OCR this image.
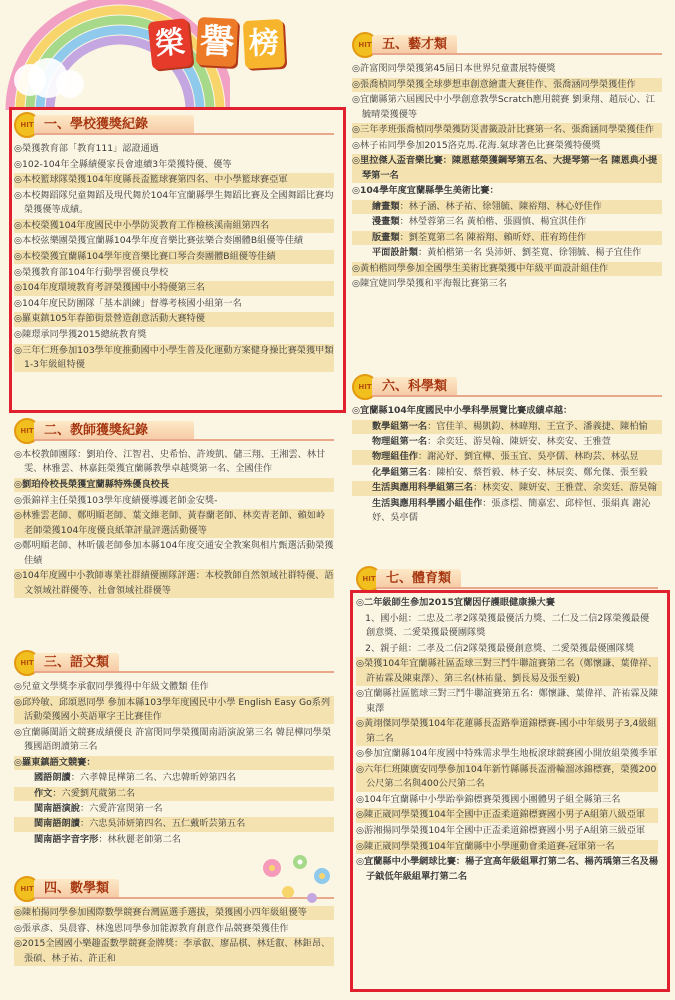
榮 譽 榜
HIT 一、學校獲獎紀錄
◎榮獲教育部「教育111」認證通過
◎102-104年全縣績優家長會連續3年榮獲特優、優等
◎本校籃球隊榮獲104年度縣長盃籃球賽第四名、中小學籃球賽亞軍
◎本校舞蹈隊兒童舞蹈及現代舞於104年宜蘭縣學生舞蹈比賽及全國舞蹈比賽均榮獲優等成績。
◎本校榮獲104年度國民中小學防災教育工作檢核溪南組第四名
◎本校弦樂團榮獲宜蘭縣104學年度音樂比賽弦樂合奏團體B組優等佳績
◎本校榮獲宜蘭縣104學年度音樂比賽口琴合奏團體B組優等佳績
◎榮獲教育部104年行動學習優良學校
◎104年度環境教育考評榮獲國中小特優第三名
◎104年度民防團隊「基本訓練」督導考核國小組第一名
◎羅東鎮105年春節街景營造創意活動大賽特優
◎陳璟承同學獲2015總統教育獎
◎三年仁班參加103學年度推動國中小學生普及化運動方案健身操比賽榮獲甲類1-3年級組特優
HIT 二、教師獲獎紀錄
◎本校教師團隊：劉珀伶、江智君、史希怡、許竣凱、儲三翔、王湘雲、林甘雯、林雅雲、林嘉鈺榮獲宜蘭縣教學卓越獎第一名、全國佳作
◎劉珀伶校長榮獲宜蘭縣特殊優良校長
◎張錦祥主任榮獲103學年度績優導護老師金安獎-
◎林雅雲老師、鄭明順老師、葉文維老師、黃春蘭老師、林奕青老師、賴如岭老師榮獲104年度優良紙筆評量評選活動優等
◎鄭明順老師、林昕儀老師參加本縣104年度交通安全教案與相片甄選活動榮獲佳績
◎104年度國中小教師專業社群績優團隊評選：本校教師自然領域社群特優、語文領域社群優等、社會領域社群優等
HIT 三、語文類
◎兒童文學獎李承叡同學獲得中年級文體類 佳作
◎邱羚敏、邱頌恩同學 參加本縣103學年度國民中小學 English Easy Go系列活動榮獲國小英語單字王比賽佳作
◎宜蘭縣閩語文競賽成績優良 許富閔同學榮獲閩南語演說第三名 韓昆樺同學榮獲國語朗讀第三名
◎羅東鎮語文競賽：
國語朗讀：六孝韓昆樺第二名、六忠韓昕婷第四名
作文：六愛劉芃葳第二名
閩南語演說：六愛許富閔第一名
閩南語朗讀：六忠吳沛妍第四名、五仁戴昕芸第五名
閩南語字音字形：林秋麗老師第二名
HIT 四、數學類
◎陳柏揚同學參加國際數學競賽台灣區選手選拔，榮獲國小四年級組優等
◎張承彥、吳晨睿、林逸恩同學參加能源教育創意作品競賽榮獲佳作
◎2015全國國小樂趣盃數學競賽金牌獎：李承叡、廖品棋、林廷叡、林鉅昂、張碩、林子祐、許正和
HIT 五、藝才類
◎許富閔同學榮獲第45屆日本世界兒童畫展特優獎
◎張喬楨同學榮獲全球夢想車創意繪畫大賽佳作、張喬涵同學榮獲佳作
◎宜蘭縣第六屆國民中小學創意教學Scratch應用競賽 劉秉翔、趙辰心、江毓晴榮獲優等
◎三年孝班張喬楨同學榮獲防災書籤設計比賽第一名、張喬涵同學榮獲佳作
◎林子祐同學參加2015洛克馬.花海.氣球著色比賽榮獲特優獎
◎里拉傑人盃音樂比賽：陳恩慈榮獲鋼琴第五名、大提琴第一名 陳恩典小提琴第一名
◎104學年度宜蘭縣學生美術比賽：
繪畫類：林子涵、林子祐、徐翎毓、陳裕翔、林心妤佳作
漫畫類：林瑩蓉第三名 黃柏楷、張圓慎、楊宜淇佳作
版畫類：劉荃寬第二名 陳裕翔、賴昕妤、莊宥筠佳作
平面設計類：黃柏楷第一名 吳沛妍、劉荃寬、徐翎毓、楊子宜佳作
◎黃柏楷同學參加全國學生美術比賽榮獲中年級平面設計組佳作
◎陳宜婕同學榮獲和平海報比賽第三名
HIT 六、科學類
◎宜蘭縣104年度國民中小學科學展覽比賽成績卓越：
數學組第一名：官佳羊、楊凱鈞、林暐翔、王宣予、潘義捷、陳柏愉
物理組第一名：余奕廷、游昊翰、陳妍安、林奕安、王雅萱
物理組佳作：謝沁妤、劉宜樺、張玉宜、吳亭儒、林昀芸、林弘昱
化學組第三名：陳柏安、蔡哲毅、林子安、林辰奕、鄭允傑、張至毅
生活與應用科學組第三名：林奕安、陳妍安、王雅萱、余奕廷、游昊翰
生活與應用科學國小組佳作：張彥橒、簡嘉宏、邱梓恒、張絹真 謝沁妤、吳亭儒
HIT 七、體育類
◎二年級師生參加2015宜蘭因仔護眼健康操大賽
　1、國小組：二忠及二孝2隊榮獲最優活力獎、二仁及二信2隊榮獲最優創意獎、二愛榮獲最優團隊獎
　2、親子組：二孝及二信2隊榮獲最優創意獎、二愛榮獲最優團隊獎
◎榮獲104年宜蘭縣社區盃球三對三鬥牛聯誼賽第二名（鄭懷謙、葉偉祥、許祐霖及陳東澤）、第三名(林祐量、劉長易及張至毅)
◎宜蘭縣社區籃球三對三鬥牛聯誼賽第五名：鄭懷謙、葉偉祥、許祐霖及陳東澤
◎黃翊傑同學榮獲104年花蓮縣長盃路拳道錦標賽-國小中年級男子3,4級組第二名
◎參加宜蘭縣104年度國中特殊需求學生地板滾球競賽國小開放組榮獲季軍
◎六年仁班陳廣安同學參加104年新竹縣縣長盃滑輪溜冰錦標賽，榮獲200公尺第二名與400公尺第二名
◎104年宜蘭縣中小學跆拳錦標賽榮獲國小團體男子組全縣第三名
◎陳正崴同學榮獲104年全國中正盃柔道錦標賽國小男子A組第八級亞軍
◎游湘揚同學榮獲104年全國中正盃柔道錦標賽國小男子A組第三級亞軍
◎陳正崴同學榮獲104年宜蘭縣中小學運動會柔道賽-冠軍第一名
◎宜蘭縣中小學網球比賽：楊子宜高年級組單打第二名、楊芮瑀第三名及楊子鉞低年級組單打第二名
